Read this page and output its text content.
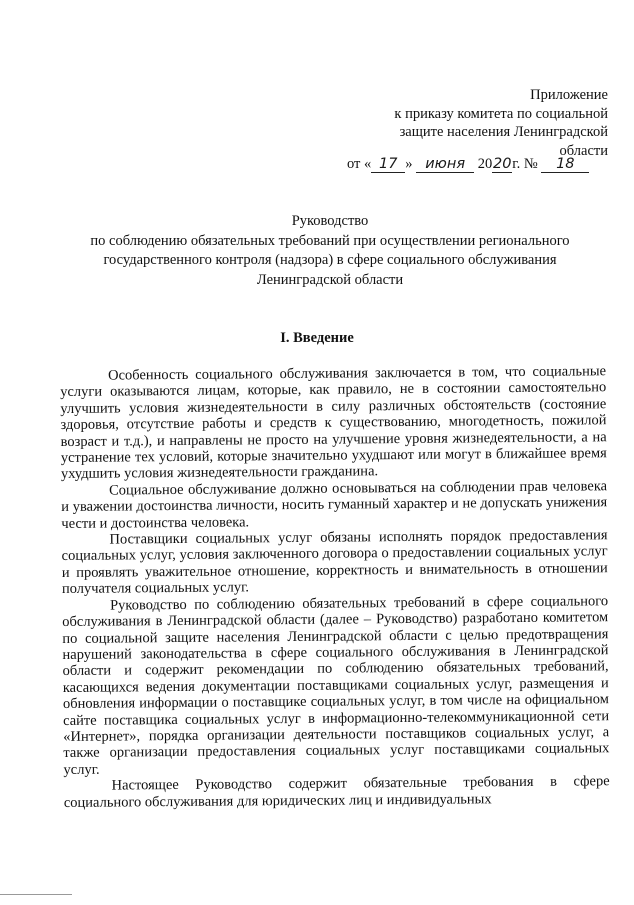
Приложение
к приказу комитета по социальной
защите населения Ленинградской
области
от « 17 » июня 2020г. № 18
Руководство
по соблюдению обязательных требований при осуществлении регионального
государственного контроля (надзора) в сфере социального обслуживания
Ленинградской области
I. Введение

Особенность социального обслуживания заключается в том, что социальные услуги оказываются лицам, которые, как правило, не в состоянии самостоятельно улучшить условия жизнедеятельности в силу различных обстоятельств (состояние здоровья, отсутствие работы и средств к существованию, многодетность, пожилой возраст и т.д.), и направлены не просто на улучшение уровня жизнедеятельности, а на устранение тех условий, которые значительно ухудшают или могут в ближайшее время ухудшить условия жизнедеятельности гражданина.

Социальное обслуживание должно основываться на соблюдении прав человека и уважении достоинства личности, носить гуманный характер и не допускать унижения чести и достоинства человека.

Поставщики социальных услуг обязаны исполнять порядок предоставления социальных услуг, условия заключенного договора о предоставлении социальных услуг и проявлять уважительное отношение, корректность и внимательность в отношении получателя социальных услуг.

Руководство по соблюдению обязательных требований в сфере социального обслуживания в Ленинградской области (далее – Руководство) разработано комитетом по социальной защите населения Ленинградской области с целью предотвращения нарушений законодательства в сфере социального обслуживания в Ленинградской области и содержит рекомендации по соблюдению обязательных требований, касающихся ведения документации поставщиками социальных услуг, размещения и обновления информации о поставщике социальных услуг, в том числе на официальном сайте поставщика социальных услуг в информационно-телекоммуникационной сети «Интернет», порядка организации деятельности поставщиков социальных услуг, а также организации предоставления социальных услуг поставщиками социальных услуг.

Настоящее Руководство содержит обязательные требования в сфере социального обслуживания для юридических лиц и индивидуальных
